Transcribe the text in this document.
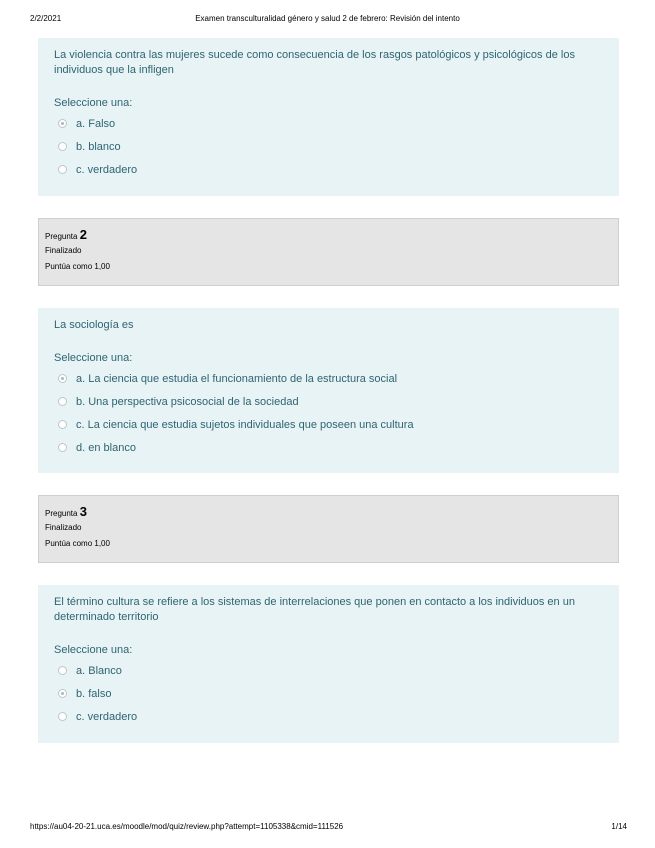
2/2/2021	Examen transculturalidad género y salud 2 de febrero: Revisión del intento
La violencia contra las mujeres sucede como consecuencia de los rasgos patológicos y psicológicos de los individuos que la infligen
Seleccione una:
a. Falso
b. blanco
c. verdadero
Pregunta 2
Finalizado
Puntúa como 1,00
La sociología es
Seleccione una:
a. La ciencia que estudia el funcionamiento de la estructura social
b. Una perspectiva psicosocial de la sociedad
c. La ciencia que estudia sujetos individuales que poseen una cultura
d. en blanco
Pregunta 3
Finalizado
Puntúa como 1,00
El término cultura se refiere a los sistemas de interrelaciones que ponen en contacto a los individuos en un determinado territorio
Seleccione una:
a. Blanco
b. falso
c. verdadero
https://au04-20-21.uca.es/moodle/mod/quiz/review.php?attempt=1105338&cmid=111526	1/14
